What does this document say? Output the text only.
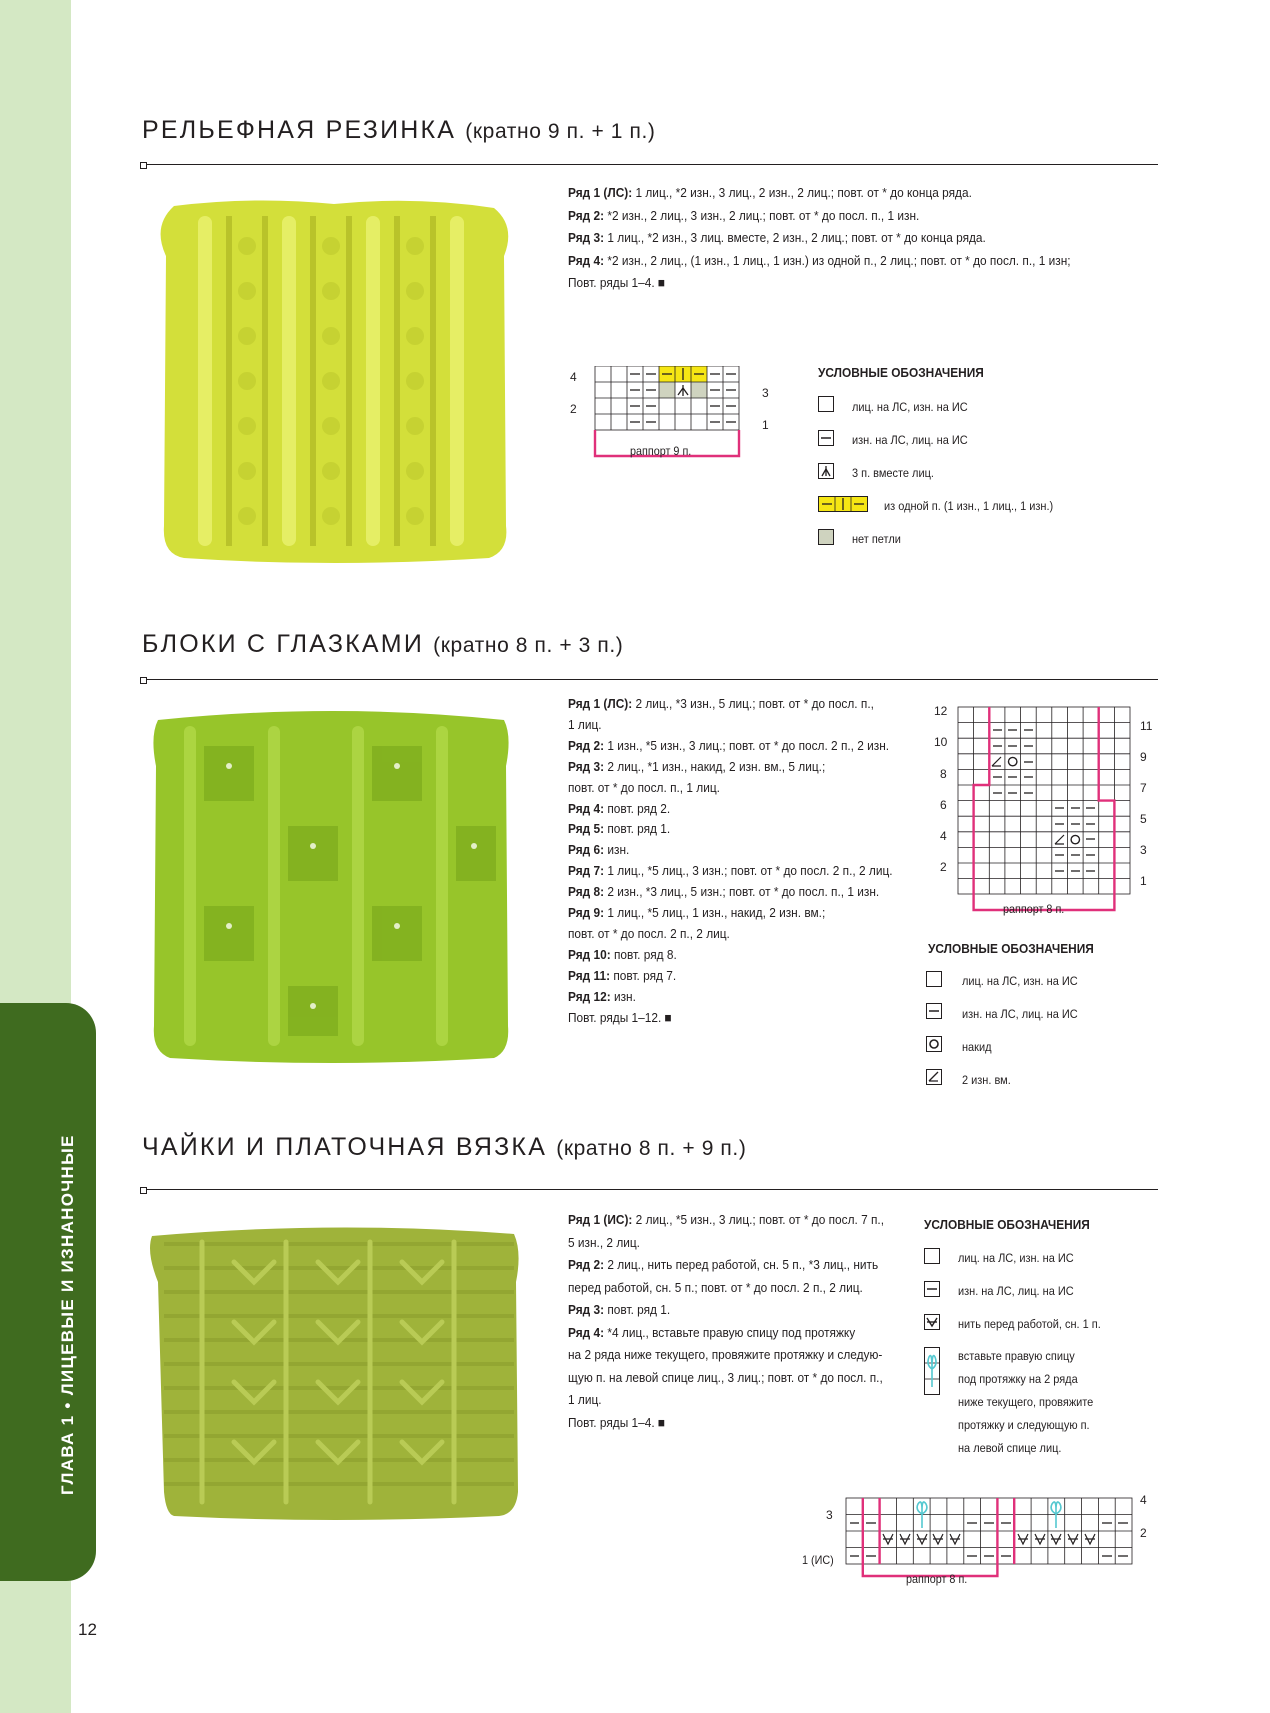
ГЛАВА 1 • ЛИЦЕВЫЕ И ИЗНАНОЧНЫЕ
12
РЕЛЬЕФНАЯ РЕЗИНКА (кратно 9 п. + 1 п.)
Ряд 1 (ЛС): 1 лиц., *2 изн., 3 лиц., 2 изн., 2 лиц.; повт. от * до конца ряда.
Ряд 2: *2 изн., 2 лиц., 3 изн., 2 лиц.; повт. от * до посл. п., 1 изн.
Ряд 3: 1 лиц., *2 изн., 3 лиц. вместе, 2 изн., 2 лиц.; повт. от * до конца ряда.
Ряд 4: *2 изн., 2 лиц., (1 изн., 1 лиц., 1 изн.) из одной п., 2 лиц.; повт. от * до посл. п., 1 изн;
Повт. ряды 1–4. ■
4
2
3
1
раппорт 9 п.
УСЛОВНЫЕ ОБОЗНАЧЕНИЯ
лиц. на ЛС, изн. на ИС
изн. на ЛС, лиц. на ИС
3 п. вместе лиц.
из одной п. (1 изн., 1 лиц., 1 изн.)
нет петли
БЛОКИ С ГЛАЗКАМИ (кратно 8 п. + 3 п.)
Ряд 1 (ЛС): 2 лиц., *3 изн., 5 лиц.; повт. от * до посл. п.,
1 лиц.
Ряд 2: 1 изн., *5 изн., 3 лиц.; повт. от * до посл. 2 п., 2 изн.
Ряд 3: 2 лиц., *1 изн., накид, 2 изн. вм., 5 лиц.;
повт. от * до посл. п., 1 лиц.
Ряд 4: повт. ряд 2.
Ряд 5: повт. ряд 1.
Ряд 6: изн.
Ряд 7: 1 лиц., *5 лиц., 3 изн.; повт. от * до посл. 2 п., 2 лиц.
Ряд 8: 2 изн., *3 лиц., 5 изн.; повт. от * до посл. п., 1 изн.
Ряд 9: 1 лиц., *5 лиц., 1 изн., накид, 2 изн. вм.;
повт. от * до посл. 2 п., 2 лиц.
Ряд 10: повт. ряд 8.
Ряд 11: повт. ряд 7.
Ряд 12: изн.
Повт. ряды 1–12. ■
12
10
8
6
4
2
11
9
7
5
3
1
раппорт 8 п.
УСЛОВНЫЕ ОБОЗНАЧЕНИЯ
лиц. на ЛС, изн. на ИС
изн. на ЛС, лиц. на ИС
накид
2 изн. вм.
ЧАЙКИ И ПЛАТОЧНАЯ ВЯЗКА (кратно 8 п. + 9 п.)
Ряд 1 (ИС): 2 лиц., *5 изн., 3 лиц.; повт. от * до посл. 7 п.,
5 изн., 2 лиц.
Ряд 2: 2 лиц., нить перед работой, сн. 5 п., *3 лиц., нить
перед работой, сн. 5 п.; повт. от * до посл. 2 п., 2 лиц.
Ряд 3: повт. ряд 1.
Ряд 4: *4 лиц., вставьте правую спицу под протяжку
на 2 ряда ниже текущего, провяжите протяжку и следую-
щую п. на левой спице лиц., 3 лиц.; повт. от * до посл. п.,
1 лиц.
Повт. ряды 1–4. ■
УСЛОВНЫЕ ОБОЗНАЧЕНИЯ
лиц. на ЛС, изн. на ИС
изн. на ЛС, лиц. на ИС
нить перед работой, сн. 1 п.
вставьте правую спицу
под протяжку на 2 ряда
ниже текущего, провяжите
протяжку и следующую п.
на левой спице лиц.
3
1 (ИС)
4
2
раппорт 8 п.
